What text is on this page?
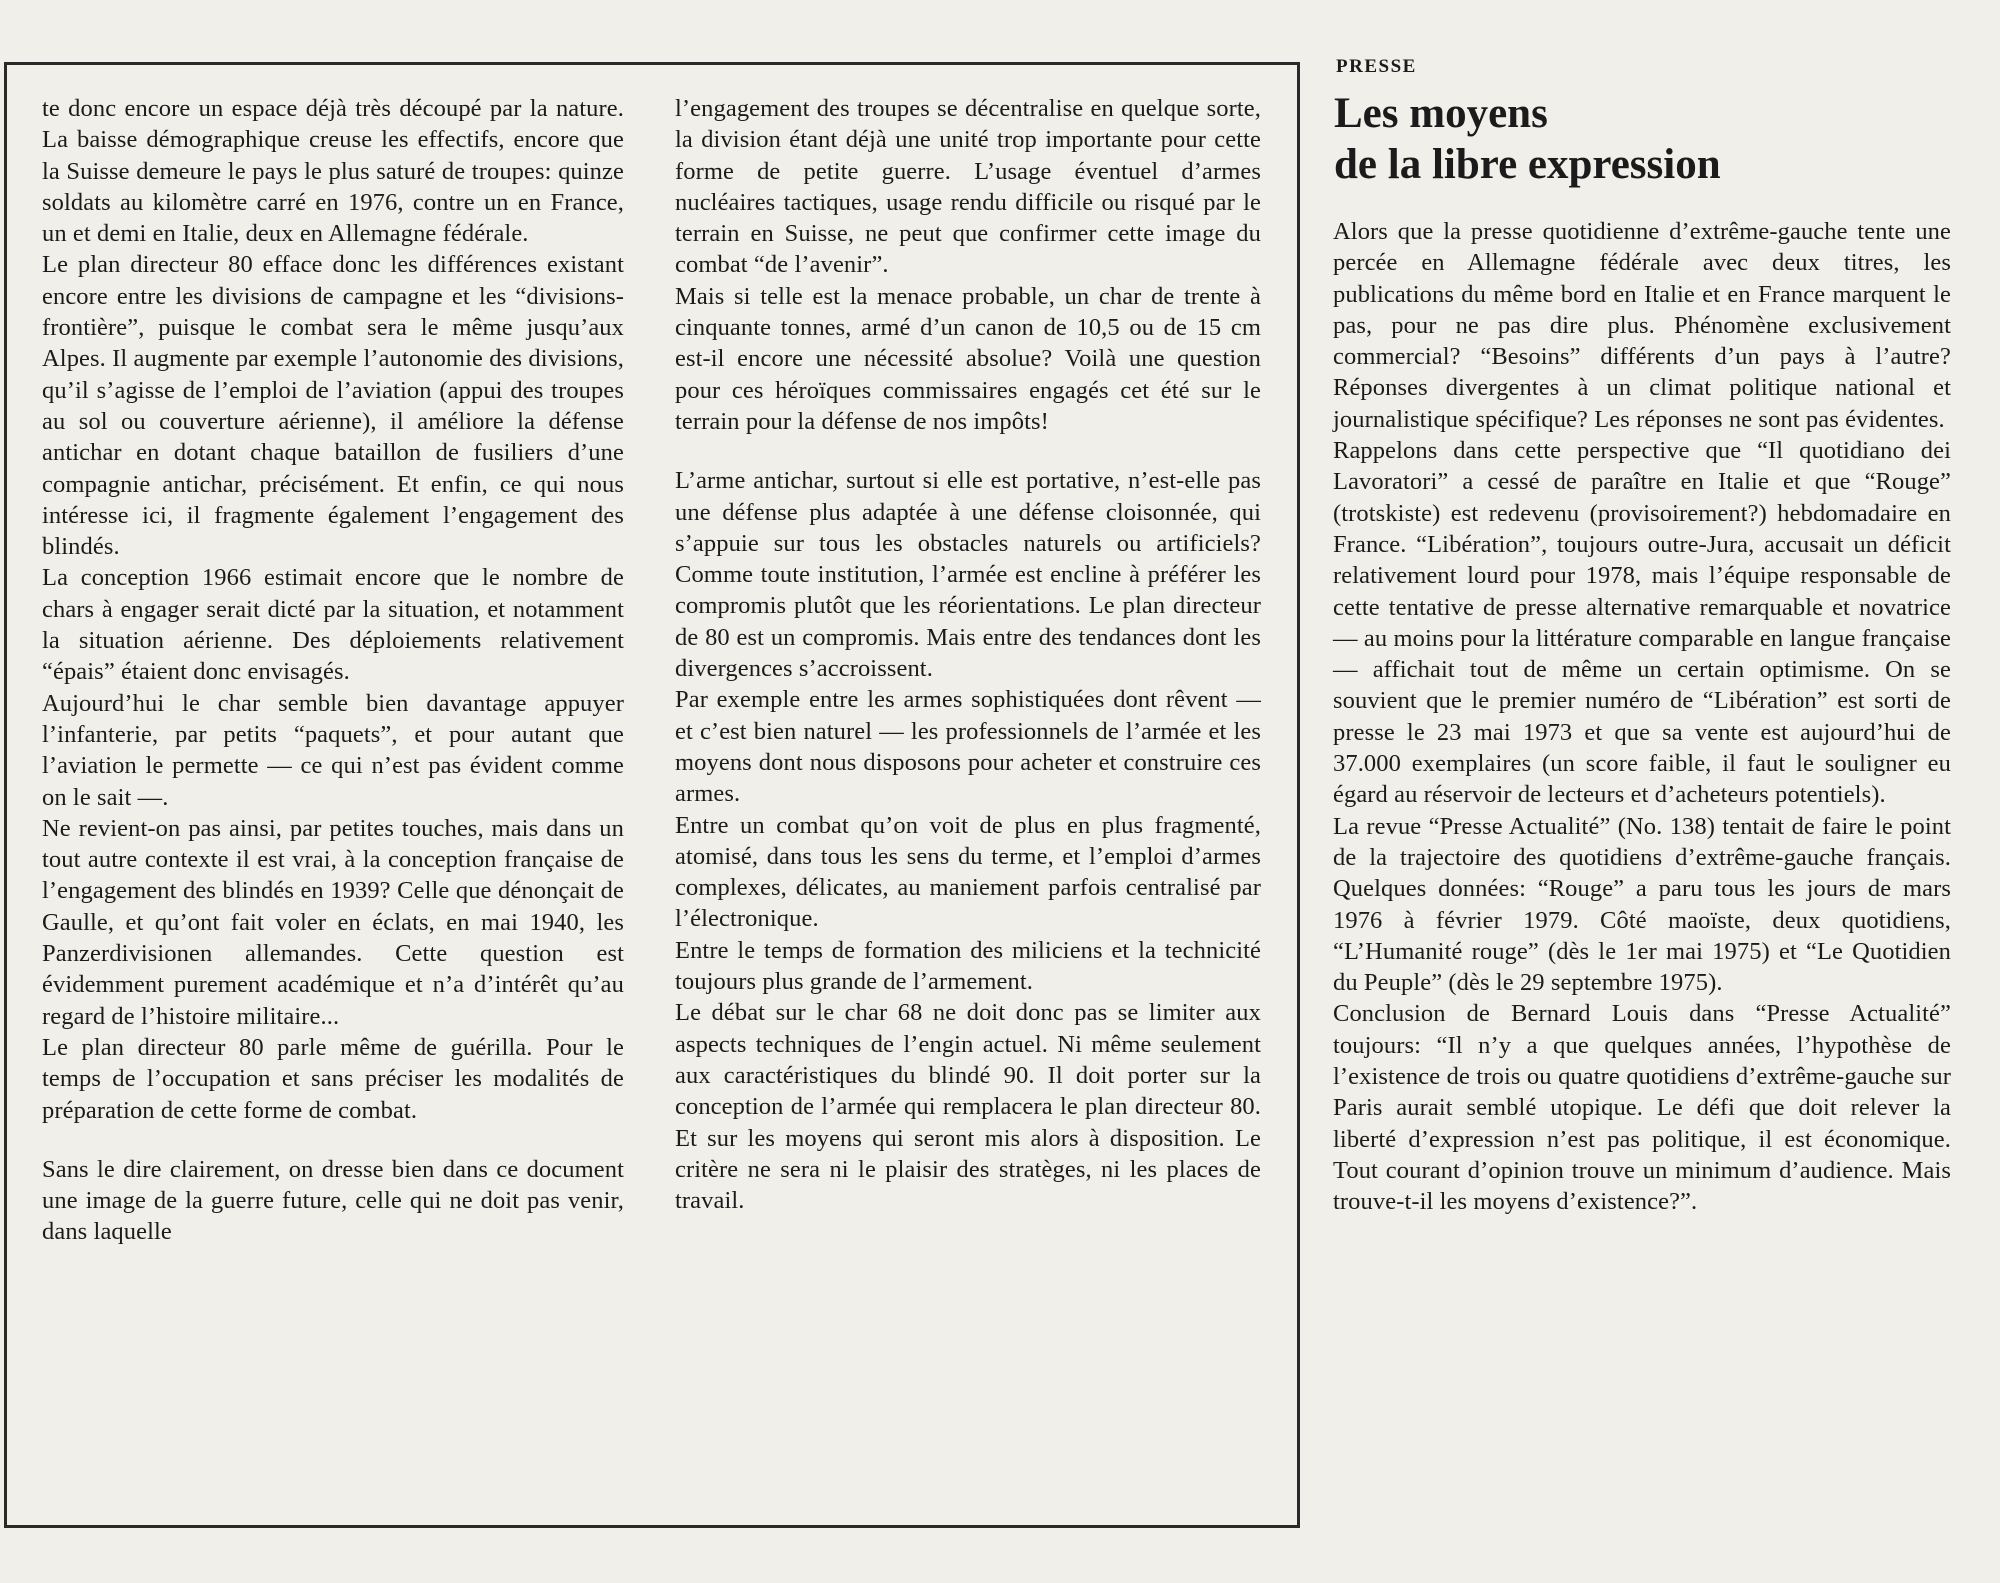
te donc encore un espace déjà très découpé par la nature. La baisse démographique creuse les effectifs, encore que la Suisse demeure le pays le plus saturé de troupes: quinze soldats au kilomètre carré en 1976, contre un en France, un et demi en Italie, deux en Allemagne fédérale.

Le plan directeur 80 efface donc les différences existant encore entre les divisions de campagne et les “divisions-frontière”, puisque le combat sera le même jusqu’aux Alpes. Il augmente par exemple l’autonomie des divisions, qu’il s’agisse de l’emploi de l’aviation (appui des troupes au sol ou couverture aérienne), il améliore la défense antichar en dotant chaque bataillon de fusiliers d’une compagnie antichar, précisément. Et enfin, ce qui nous intéresse ici, il fragmente également l’engagement des blindés.

La conception 1966 estimait encore que le nombre de chars à engager serait dicté par la situation, et notamment la situation aérienne. Des déploiements relativement “épais” étaient donc envisagés.

Aujourd’hui le char semble bien davantage appuyer l’infanterie, par petits “paquets”, et pour autant que l’aviation le permette — ce qui n’est pas évident comme on le sait —.

Ne revient-on pas ainsi, par petites touches, mais dans un tout autre contexte il est vrai, à la conception française de l’engagement des blindés en 1939? Celle que dénonçait de Gaulle, et qu’ont fait voler en éclats, en mai 1940, les Panzerdivisionen allemandes. Cette question est évidemment purement académique et n’a d’intérêt qu’au regard de l’histoire militaire...

Le plan directeur 80 parle même de guérilla. Pour le temps de l’occupation et sans préciser les modalités de préparation de cette forme de combat.

Sans le dire clairement, on dresse bien dans ce document une image de la guerre future, celle qui ne doit pas venir, dans laquelle

l’engagement des troupes se décentralise en quelque sorte, la division étant déjà une unité trop importante pour cette forme de petite guerre. L’usage éventuel d’armes nucléaires tactiques, usage rendu difficile ou risqué par le terrain en Suisse, ne peut que confirmer cette image du combat “de l’avenir”.

Mais si telle est la menace probable, un char de trente à cinquante tonnes, armé d’un canon de 10,5 ou de 15 cm est-il encore une nécessité absolue? Voilà une question pour ces héroïques commissaires engagés cet été sur le terrain pour la défense de nos impôts!

L’arme antichar, surtout si elle est portative, n’est-elle pas une défense plus adaptée à une défense cloisonnée, qui s’appuie sur tous les obstacles naturels ou artificiels? Comme toute institution, l’armée est encline à préférer les compromis plutôt que les réorientations. Le plan directeur de 80 est un compromis. Mais entre des tendances dont les divergences s’accroissent.

Par exemple entre les armes sophistiquées dont rêvent — et c’est bien naturel — les professionnels de l’armée et les moyens dont nous disposons pour acheter et construire ces armes.

Entre un combat qu’on voit de plus en plus fragmenté, atomisé, dans tous les sens du terme, et l’emploi d’armes complexes, délicates, au maniement parfois centralisé par l’électronique.

Entre le temps de formation des miliciens et la technicité toujours plus grande de l’armement.

Le débat sur le char 68 ne doit donc pas se limiter aux aspects techniques de l’engin actuel. Ni même seulement aux caractéristiques du blindé 90. Il doit porter sur la conception de l’armée qui remplacera le plan directeur 80. Et sur les moyens qui seront mis alors à disposition. Le critère ne sera ni le plaisir des stratèges, ni les places de travail.

PRESSE
Les moyens
de la libre expression

Alors que la presse quotidienne d’extrême-gauche tente une percée en Allemagne fédérale avec deux titres, les publications du même bord en Italie et en France marquent le pas, pour ne pas dire plus. Phénomène exclusivement commercial? “Besoins” différents d’un pays à l’autre? Réponses divergentes à un climat politique national et journalistique spécifique? Les réponses ne sont pas évidentes.

Rappelons dans cette perspective que “Il quotidiano dei Lavoratori” a cessé de paraître en Italie et que “Rouge” (trotskiste) est redevenu (provisoirement?) hebdomadaire en France. “Libération”, toujours outre-Jura, accusait un déficit relativement lourd pour 1978, mais l’équipe responsable de cette tentative de presse alternative remarquable et novatrice — au moins pour la littérature comparable en langue française — affichait tout de même un certain optimisme. On se souvient que le premier numéro de “Libération” est sorti de presse le 23 mai 1973 et que sa vente est aujourd’hui de 37.000 exemplaires (un score faible, il faut le souligner eu égard au réservoir de lecteurs et d’acheteurs potentiels).

La revue “Presse Actualité” (No. 138) tentait de faire le point de la trajectoire des quotidiens d’extrême-gauche français. Quelques données: “Rouge” a paru tous les jours de mars 1976 à février 1979. Côté maoïste, deux quotidiens, “L’Humanité rouge” (dès le 1er mai 1975) et “Le Quotidien du Peuple” (dès le 29 septembre 1975).

Conclusion de Bernard Louis dans “Presse Actualité” toujours: “Il n’y a que quelques années, l’hypothèse de l’existence de trois ou quatre quotidiens d’extrême-gauche sur Paris aurait semblé utopique. Le défi que doit relever la liberté d’expression n’est pas politique, il est économique. Tout courant d’opinion trouve un minimum d’audience. Mais trouve-t-il les moyens d’existence?”.
